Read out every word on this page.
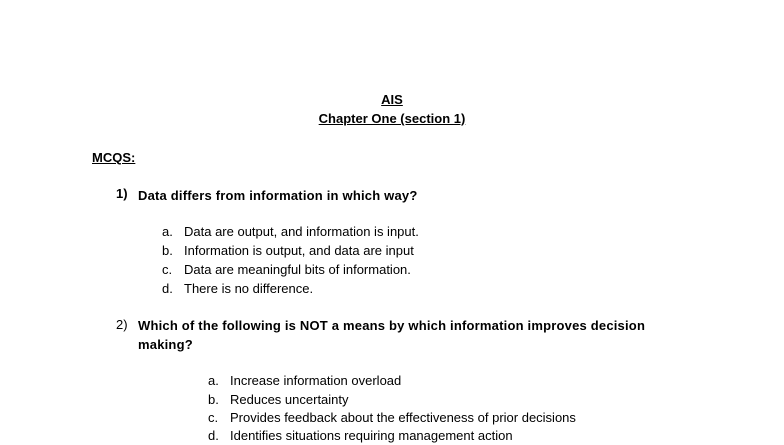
AIS
Chapter One (section 1)
MCQS:
1) Data differs from information in which way?
a. Data are output, and information is input.
b. Information is output, and data are input
c. Data are meaningful bits of information.
d. There is no difference.
2) Which of the following is NOT a means by which information improves decision
making?
a. Increase information overload
b. Reduces uncertainty
c. Provides feedback about the effectiveness of prior decisions
d. Identifies situations requiring management action
